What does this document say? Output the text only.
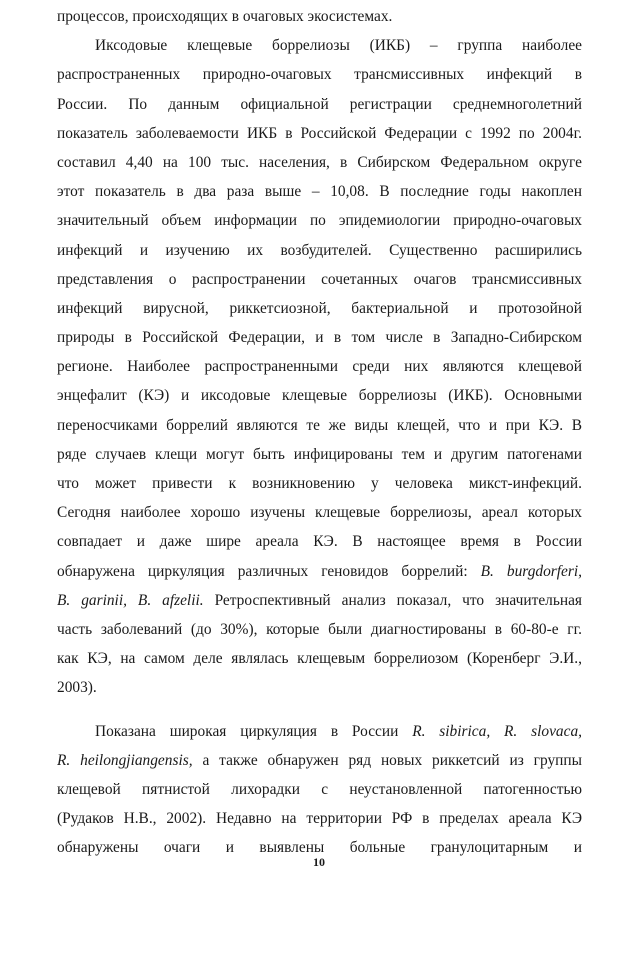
процессов, происходящих в очаговых экосистемах.
Иксодовые клещевые боррелиозы (ИКБ) – группа наиболее
распространенных природно-очаговых трансмиссивных инфекций в
России. По данным официальной регистрации среднемноголетний
показатель заболеваемости ИКБ в Российской Федерации с 1992 по 2004г.
составил 4,40 на 100 тыс. населения, в Сибирском Федеральном округе
этот показатель в два раза выше – 10,08. В последние годы накоплен
значительный объем информации по эпидемиологии природно-очаговых
инфекций и изучению их возбудителей. Существенно расширились
представления о распространении сочетанных очагов трансмиссивных
инфекций вирусной, риккетсиозной, бактериальной и протозойной
природы в Российской Федерации, и в том числе в Западно-Сибирском
регионе. Наиболее распространенными среди них являются клещевой
энцефалит (КЭ) и иксодовые клещевые боррелиозы (ИКБ). Основными
переносчиками боррелий являются те же виды клещей, что и при КЭ. В
ряде случаев клещи могут быть инфицированы тем и другим патогенами
что может привести к возникновению у человека микст-инфекций.
Сегодня наиболее хорошо изучены клещевые боррелиозы, ареал которых
совпадает и даже шире ареала КЭ. В настоящее время в России
обнаружена циркуляция различных геновидов боррелий: B. burgdorferi,
B. garinii, B. afzelii. Ретроспективный анализ показал, что значительная
часть заболеваний (до 30%), которые были диагностированы в 60-80-е гг.
как КЭ, на самом деле являлась клещевым боррелиозом (Коренберг Э.И.,
2003).
Показана широкая циркуляция в России R. sibirica, R. slovaca,
R. heilongjiangensis, а также обнаружен ряд новых риккетсий из группы
клещевой пятнистой лихорадки с неустановленной патогенностью
(Рудаков Н.В., 2002). Недавно на территории РФ в пределах ареала КЭ
обнаружены очаги и выявлены больные гранулоцитарным и
10
